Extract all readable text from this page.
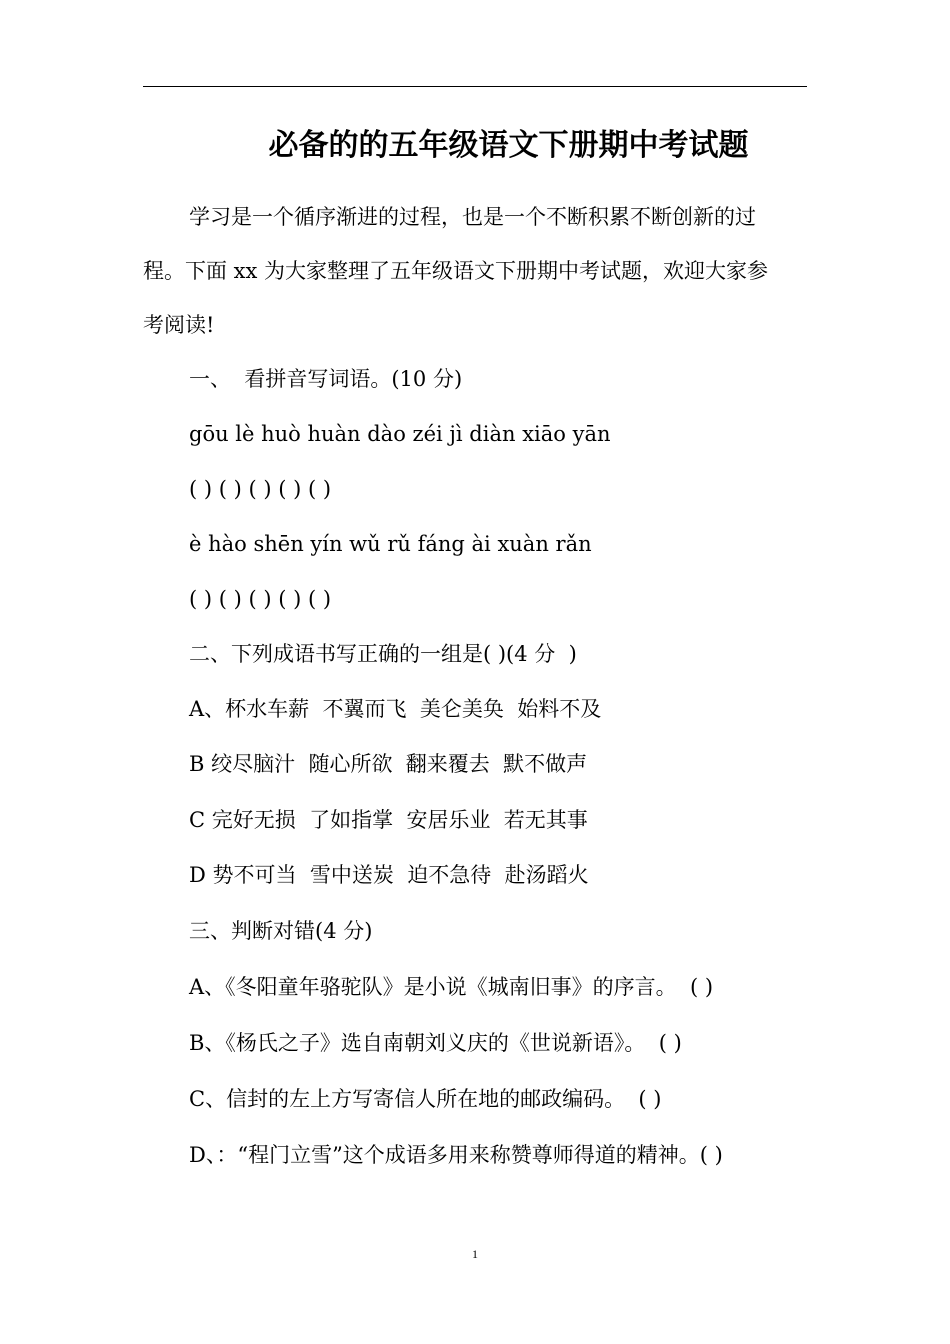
必备的的五年级语文下册期中考试题
学习是一个循序渐进的过程，也是一个不断积累不断创新的过
程。下面 xx 为大家整理了五年级语文下册期中考试题，欢迎大家参
考阅读!
一、  看拼音写词语。(10 分)
gōu lè huò huàn dào zéi jì diàn xiāo yān
( ) ( ) ( ) ( ) ( )
è hào shēn yín wǔ rǔ fáng ài xuàn rǎn
( ) ( ) ( ) ( ) ( )
二、下列成语书写正确的一组是( )(4 分  )
A、杯水车薪  不翼而飞  美仑美奂  始料不及
B 绞尽脑汁  随心所欲  翻来覆去  默不做声
C 完好无损  了如指掌  安居乐业  若无其事
D 势不可当  雪中送炭  迫不急待  赴汤蹈火
三、判断对错(4 分)
A、《冬阳童年骆驼队》是小说《城南旧事》的序言。  ( )
B、《杨氏之子》选自南朝刘义庆的《世说新语》。  ( )
C、信封的左上方写寄信人所在地的邮政编码。  ( )
D、：“程门立雪”这个成语多用来称赞尊师得道的精神。( )
1
